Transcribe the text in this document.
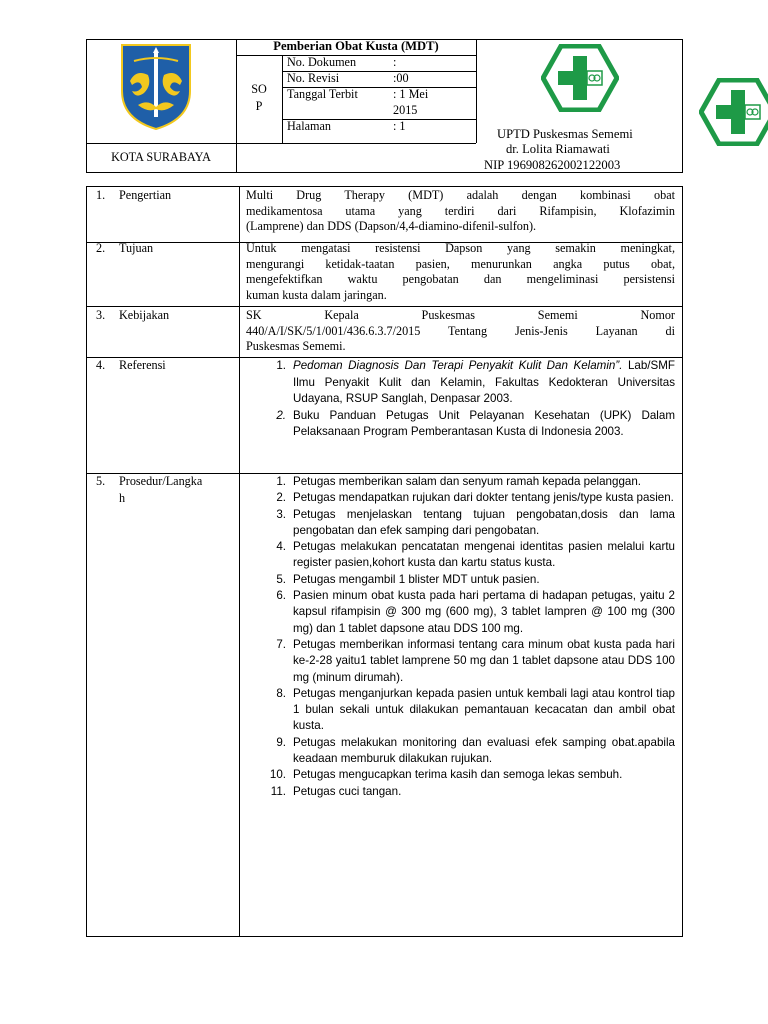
KOTA SURABAYA
Pemberian Obat Kusta (MDT)
SO
P
No. Dokumen	:
No. Revisi	:00
Tanggal Terbit	: 1 Mei
2015
Halaman	: 1
UPTD Puskesmas Sememi
dr. Lolita Riamawati
NIP 196908262002122003
1. Pengertian	Multi Drug Therapy (MDT) adalah dengan kombinasi obat
medikamentosa utama yang terdiri dari Rifampisin, Klofazimin
(Lamprene) dan DDS (Dapson/4,4-diamino-difenil-sulfon).
2. Tujuan	Untuk mengatasi resistensi Dapson yang semakin meningkat,
mengurangi ketidak-taatan pasien, menurunkan angka putus obat,
mengefektifkan waktu pengobatan dan mengeliminasi persistensi
kuman kusta dalam jaringan.
3. Kebijakan	SK Kepala Puskesmas Sememi Nomor
440/A/I/SK/5/1/001/436.6.3.7/2015 Tentang Jenis-Jenis Layanan di
Puskesmas Sememi.
4. Referensi	1. Pedoman Diagnosis Dan Terapi Penyakit Kulit Dan Kelamin”. Lab/SMF Ilmu Penyakit Kulit dan Kelamin, Fakultas Kedokteran Universitas Udayana, RSUP Sanglah, Denpasar 2003.
2. Buku Panduan Petugas Unit Pelayanan Kesehatan (UPK) Dalam Pelaksanaan Program Pemberantasan Kusta di Indonesia 2003.
5. Prosedur/Langka
h
1. Petugas memberikan salam dan senyum ramah kepada pelanggan.
2. Petugas mendapatkan rujukan dari dokter tentang jenis/type kusta pasien.
3. Petugas menjelaskan tentang tujuan pengobatan,dosis dan lama pengobatan dan efek samping dari pengobatan.
4. Petugas melakukan pencatatan mengenai identitas pasien melalui kartu register pasien,kohort kusta dan kartu status kusta.
5. Petugas mengambil 1 blister MDT untuk pasien.
6. Pasien minum obat kusta pada hari pertama di hadapan petugas, yaitu 2 kapsul rifampisin @ 300 mg (600 mg), 3 tablet lampren @ 100 mg (300 mg) dan 1 tablet dapsone atau DDS 100 mg.
7. Petugas memberikan informasi tentang cara minum obat kusta pada hari ke-2-28 yaitu1 tablet lamprene 50 mg dan 1 tablet dapsone atau DDS 100 mg (minum dirumah).
8. Petugas menganjurkan kepada pasien untuk kembali lagi atau kontrol tiap 1 bulan sekali untuk dilakukan pemantauan kecacatan dan ambil obat kusta.
9. Petugas melakukan monitoring dan evaluasi efek samping obat.apabila keadaan memburuk dilakukan rujukan.
10. Petugas mengucapkan terima kasih dan semoga lekas sembuh.
11. Petugas cuci tangan.
